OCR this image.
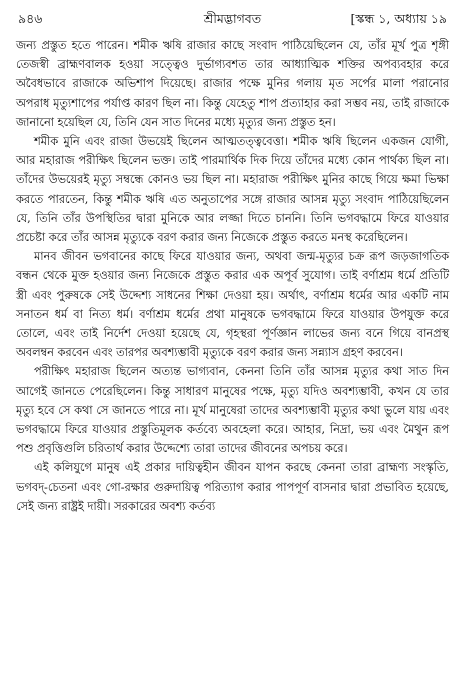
৯৪৬	শ্রীমদ্ভাগবত	[স্কন্ধ ১, অধ্যায় ১৯

জন্য প্রস্তুত হতে পারেন। শমীক ঋষি রাজার কাছে সংবাদ পাঠিয়েছিলেন যে, তাঁর মূর্খ পুত্র শৃঙ্গী তেজস্বী ব্রাহ্মণবালক হওয়া সত্ত্বেও দুর্ভাগ্যবশত তার আধ্যাত্মিক শক্তির অপব্যবহার করে অবৈধভাবে রাজাকে অভিশাপ দিয়েছে। রাজার পক্ষে মুনির গলায় মৃত সর্পের মালা পরানোর অপরাধ মৃত্যুশাপের পর্যাপ্ত কারণ ছিল না। কিন্তু যেহেতু শাপ প্রত্যাহার করা সম্ভব নয়, তাই রাজাকে জানানো হয়েছিল যে, তিনি যেন সাত দিনের মধ্যে মৃত্যুর জন্য প্রস্তুত হন।

শমীক মুনি এবং রাজা উভয়েই ছিলেন আত্মতত্ত্ববেত্তা। শমীক ঋষি ছিলেন একজন যোগী, আর মহারাজ পরীক্ষিৎ ছিলেন ভক্ত। তাই পারমার্থিক দিক দিয়ে তাঁদের মধ্যে কোন পার্থক্য ছিল না। তাঁদের উভয়েরই মৃত্যু সম্বন্ধে কোনও ভয় ছিল না। মহারাজ পরীক্ষিৎ মুনির কাছে গিয়ে ক্ষমা ভিক্ষা করতে পারতেন, কিন্তু শমীক ঋষি এত অনুতাপের সঙ্গে রাজার আসন্ন মৃত্যু সংবাদ পাঠিয়েছিলেন যে, তিনি তাঁর উপস্থিতির দ্বারা মুনিকে আর লজ্জা দিতে চাননি। তিনি ভগবদ্ধামে ফিরে যাওয়ার প্রচেষ্টা করে তাঁর আসন্ন মৃত্যুকে বরণ করার জন্য নিজেকে প্রস্তুত করতে মনস্থ করেছিলেন।

মানব জীবন ভগবানের কাছে ফিরে যাওয়ার জন্য, অথবা জন্ম-মৃত্যুর চক্র রূপ জড়জাগতিক বন্ধন থেকে মুক্ত হওয়ার জন্য নিজেকে প্রস্তুত করার এক অপূর্ব সুযোগ। তাই বর্ণাশ্রম ধর্মে প্রতিটি স্ত্রী এবং পুরুষকে সেই উদ্দেশ্য সাধনের শিক্ষা দেওয়া হয়। অর্থাৎ, বর্ণাশ্রম ধর্মের আর একটি নাম সনাতন ধর্ম বা নিত্য ধর্ম। বর্ণাশ্রম ধর্মের প্রথা মানুষকে ভগবদ্ধামে ফিরে যাওয়ার উপযুক্ত করে তোলে, এবং তাই নির্দেশ দেওয়া হয়েছে যে, গৃহস্থরা পূর্ণজ্ঞান লাভের জন্য বনে গিয়ে বানপ্রস্থ অবলম্বন করবেন এবং তারপর অবশ্যম্ভাবী মৃত্যুকে বরণ করার জন্য সন্ন্যাস গ্রহণ করবেন।

পরীক্ষিৎ মহারাজ ছিলেন অত্যন্ত ভাগ্যবান, কেননা তিনি তাঁর আসন্ন মৃত্যুর কথা সাত দিন আগেই জানতে পেরেছিলেন। কিন্তু সাধারণ মানুষের পক্ষে, মৃত্যু যদিও অবশ্যম্ভাবী, কখন যে তার মৃত্যু হবে সে কথা সে জানতে পারে না। মূর্খ মানুষেরা তাদের অবশ্যম্ভাবী মৃত্যুর কথা ভুলে যায় এবং ভগবদ্ধামে ফিরে যাওয়ার প্রস্তুতিমূলক কর্তব্যে অবহেলা করে। আহার, নিদ্রা, ভয় এবং মৈথুন রূপ পশু প্রবৃত্তিগুলি চরিতার্থ করার উদ্দেশ্যে তারা তাদের জীবনের অপচয় করে।

এই কলিযুগে মানুষ এই প্রকার দায়িত্বহীন জীবন যাপন করছে কেননা তারা ব্রাহ্মণ্য সংস্কৃতি, ভগবদ্-চেতনা এবং গো-রক্ষার গুরুদায়িত্ব পরিত্যাগ করার পাপপূর্ণ বাসনার দ্বারা প্রভাবিত হয়েছে, সেই জন্য রাষ্ট্রই দায়ী। সরকারের অবশ্য কর্তব্য
